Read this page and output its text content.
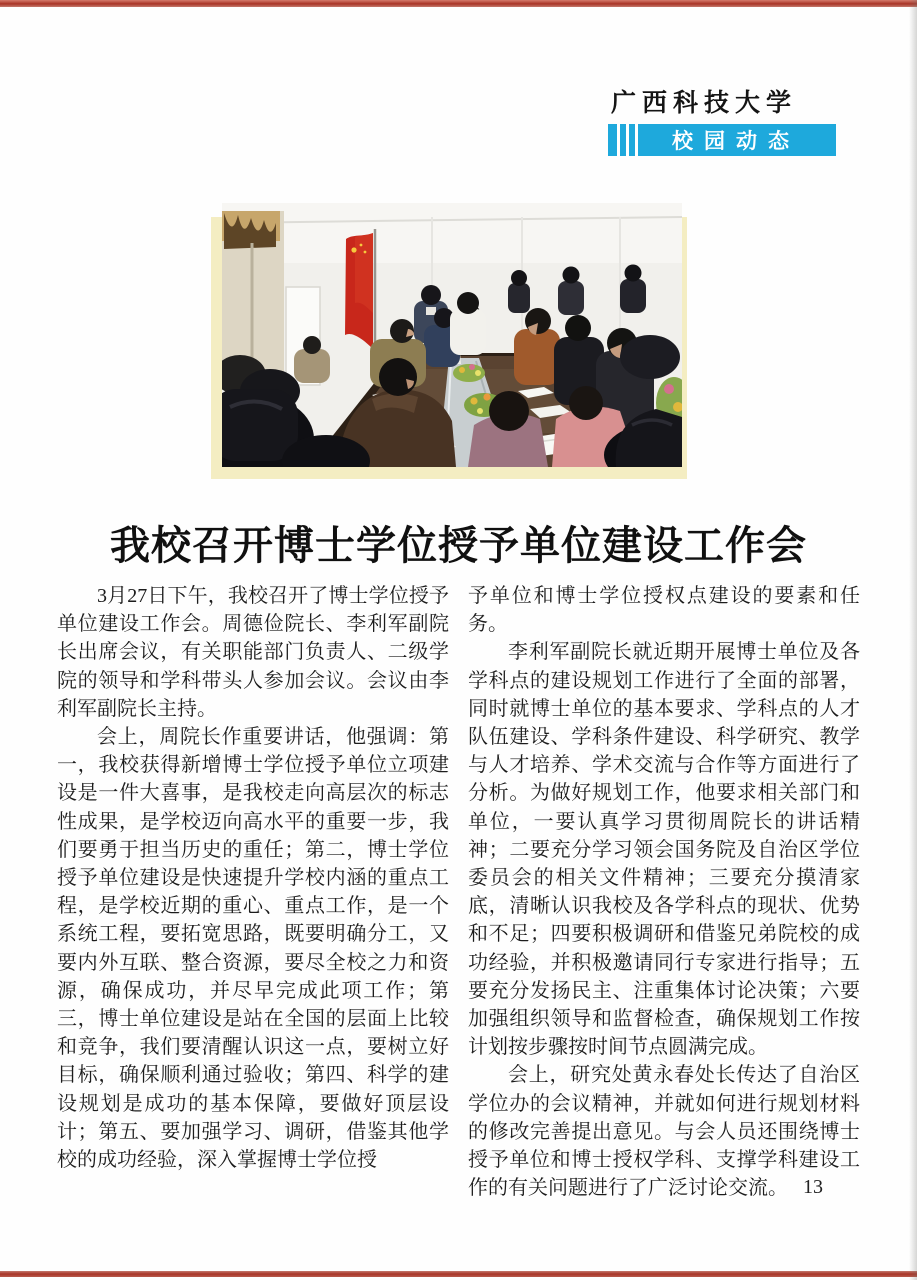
广西科技大学
校园动态
我校召开博士学位授予单位建设工作会

3月27日下午，我校召开了博士学位授予单位建设工作会。周德俭院长、李利军副院长出席会议，有关职能部门负责人、二级学院的领导和学科带头人参加会议。会议由李利军副院长主持。

会上，周院长作重要讲话，他强调：第一，我校获得新增博士学位授予单位立项建设是一件大喜事，是我校走向高层次的标志性成果，是学校迈向高水平的重要一步，我们要勇于担当历史的重任；第二，博士学位授予单位建设是快速提升学校内涵的重点工程，是学校近期的重心、重点工作，是一个系统工程，要拓宽思路，既要明确分工，又要内外互联、整合资源，要尽全校之力和资源，确保成功，并尽早完成此项工作；第三，博士单位建设是站在全国的层面上比较和竞争，我们要清醒认识这一点，要树立好目标，确保顺利通过验收；第四、科学的建设规划是成功的基本保障，要做好顶层设计；第五、要加强学习、调研，借鉴其他学校的成功经验，深入掌握博士学位授

予单位和博士学位授权点建设的要素和任务。

李利军副院长就近期开展博士单位及各学科点的建设规划工作进行了全面的部署，同时就博士单位的基本要求、学科点的人才队伍建设、学科条件建设、科学研究、教学与人才培养、学术交流与合作等方面进行了分析。为做好规划工作，他要求相关部门和单位，一要认真学习贯彻周院长的讲话精神；二要充分学习领会国务院及自治区学位委员会的相关文件精神；三要充分摸清家底，清晰认识我校及各学科点的现状、优势和不足；四要积极调研和借鉴兄弟院校的成功经验，并积极邀请同行专家进行指导；五要充分发扬民主、注重集体讨论决策；六要加强组织领导和监督检查，确保规划工作按计划按步骤按时间节点圆满完成。

会上，研究处黄永春处长传达了自治区学位办的会议精神，并就如何进行规划材料的修改完善提出意见。与会人员还围绕博士授予单位和博士授权学科、支撑学科建设工作的有关问题进行了广泛讨论交流。 13
